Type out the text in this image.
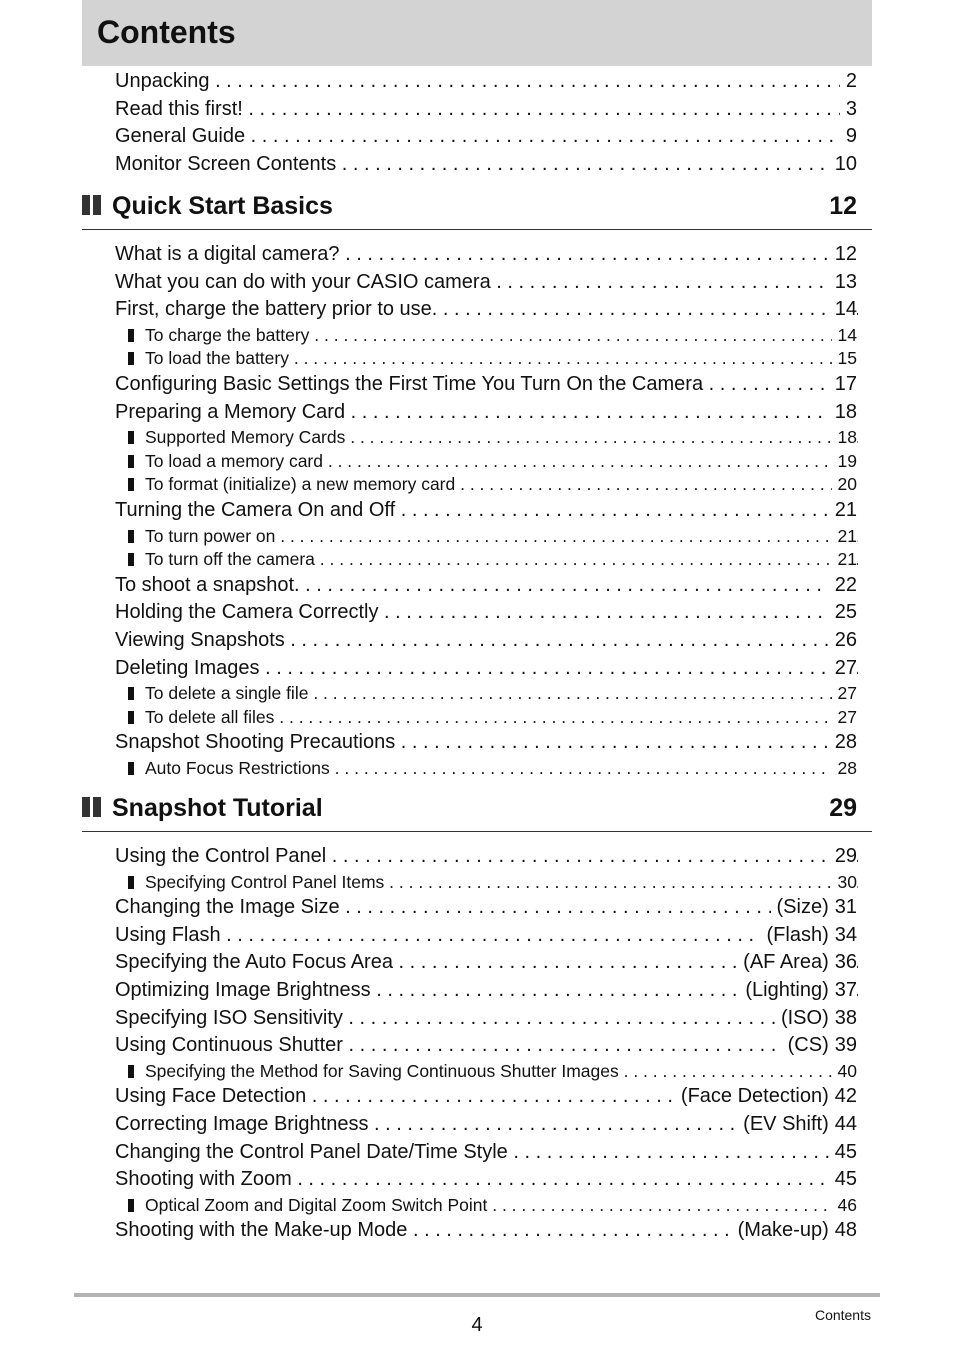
Contents
Unpacking . . .	2
Read this first! . . .	3
General Guide . . .	9
Monitor Screen Contents . . .	10
Quick Start Basics	12
What is a digital camera? . . .	12
What you can do with your CASIO camera . . .	13
First, charge the battery prior to use. . . .	14
To charge the battery . . .	14
To load the battery . . .	15
Configuring Basic Settings the First Time You Turn On the Camera . . .	17
Preparing a Memory Card . . .	18
Supported Memory Cards . . .	18
To load a memory card . . .	19
To format (initialize) a new memory card . . .	20
Turning the Camera On and Off . . .	21
To turn power on . . .	21
To turn off the camera . . .	21
To shoot a snapshot. . . .	22
Holding the Camera Correctly . . .	25
Viewing Snapshots . . .	26
Deleting Images . . .	27
To delete a single file . . .	27
To delete all files . . .	27
Snapshot Shooting Precautions . . .	28
Auto Focus Restrictions . . .	28
Snapshot Tutorial	29
Using the Control Panel . . .	29
Specifying Control Panel Items . . .	30
Changing the Image Size . . .	(Size) 31
Using Flash . . .	(Flash) 34
Specifying the Auto Focus Area . . .	(AF Area) 36
Optimizing Image Brightness . . .	(Lighting) 37
Specifying ISO Sensitivity . . .	(ISO) 38
Using Continuous Shutter . . .	(CS) 39
Specifying the Method for Saving Continuous Shutter Images . . .	40
Using Face Detection . . .	(Face Detection) 42
Correcting Image Brightness . . .	(EV Shift) 44
Changing the Control Panel Date/Time Style . . .	45
Shooting with Zoom . . .	45
Optical Zoom and Digital Zoom Switch Point . . .	46
Shooting with the Make-up Mode . . .	(Make-up) 48
4	Contents
